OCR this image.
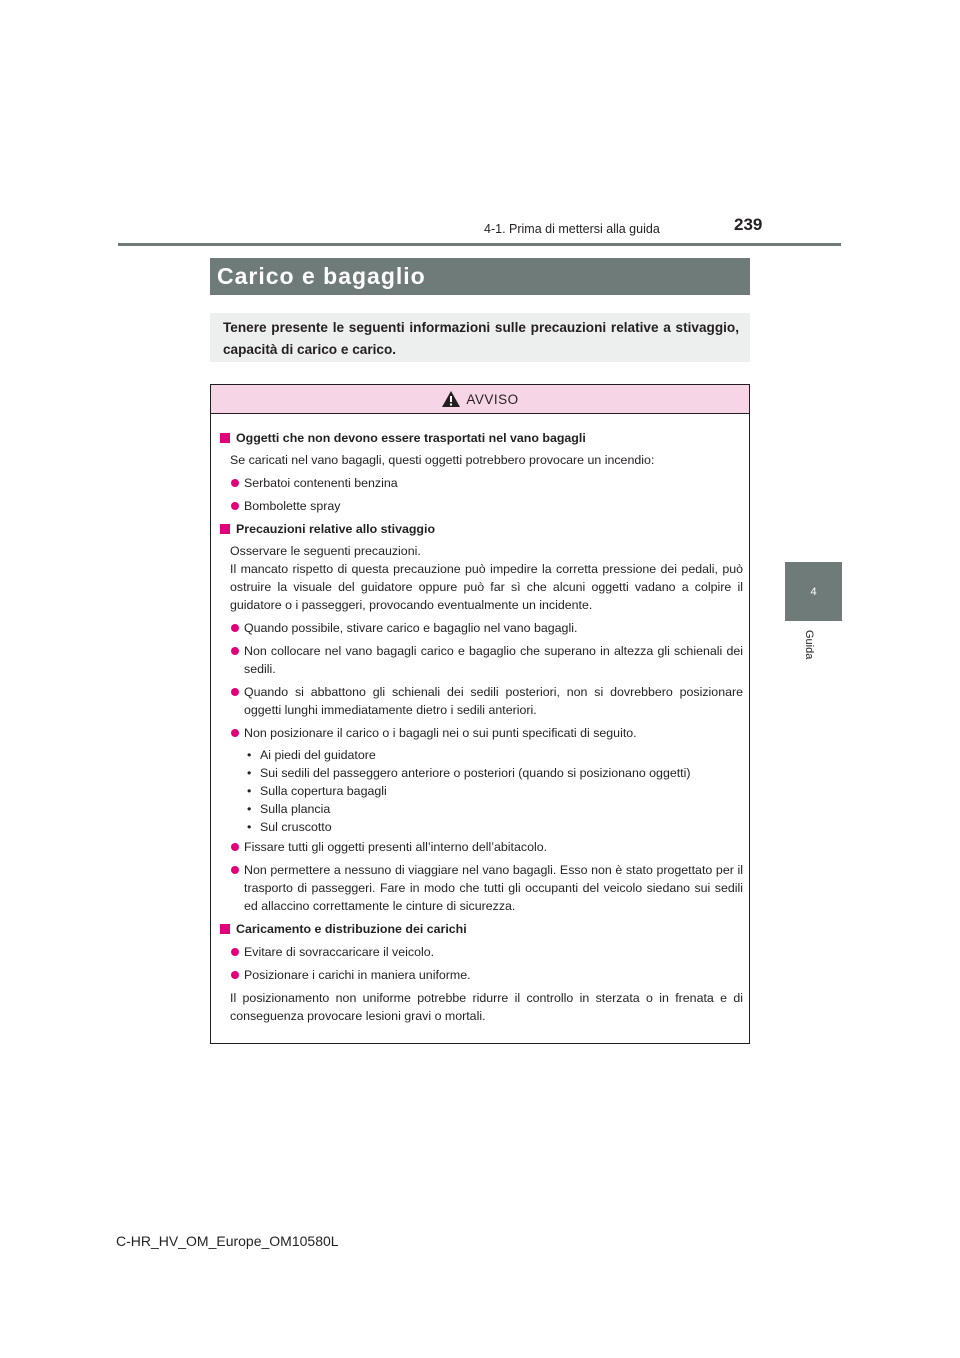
239
4-1. Prima di mettersi alla guida
4
Guida
Carico e bagaglio
Tenere presente le seguenti informazioni sulle precauzioni relative a stivaggio, capacità di carico e carico.
AVVISO
Oggetti che non devono essere trasportati nel vano bagagli
Se caricati nel vano bagagli, questi oggetti potrebbero provocare un incendio:
Serbatoi contenenti benzina
Bombolette spray
Precauzioni relative allo stivaggio
Osservare le seguenti precauzioni.
Il mancato rispetto di questa precauzione può impedire la corretta pressione dei pedali, può ostruire la visuale del guidatore oppure può far sì che alcuni oggetti vadano a colpire il guidatore o i passeggeri, provocando eventualmente un incidente.
Quando possibile, stivare carico e bagaglio nel vano bagagli.
Non collocare nel vano bagagli carico e bagaglio che superano in altezza gli schienali dei sedili.
Quando si abbattono gli schienali dei sedili posteriori, non si dovrebbero posizionare oggetti lunghi immediatamente dietro i sedili anteriori.
Non posizionare il carico o i bagagli nei o sui punti specificati di seguito.
• Ai piedi del guidatore
• Sui sedili del passeggero anteriore o posteriori (quando si posizionano oggetti)
• Sulla copertura bagagli
• Sulla plancia
• Sul cruscotto
Fissare tutti gli oggetti presenti all’interno dell’abitacolo.
Non permettere a nessuno di viaggiare nel vano bagagli. Esso non è stato progettato per il trasporto di passeggeri. Fare in modo che tutti gli occupanti del veicolo siedano sui sedili ed allaccino correttamente le cinture di sicurezza.
Caricamento e distribuzione dei carichi
Evitare di sovraccaricare il veicolo.
Posizionare i carichi in maniera uniforme.
Il posizionamento non uniforme potrebbe ridurre il controllo in sterzata o in frenata e di conseguenza provocare lesioni gravi o mortali.
C-HR_HV_OM_Europe_OM10580L
